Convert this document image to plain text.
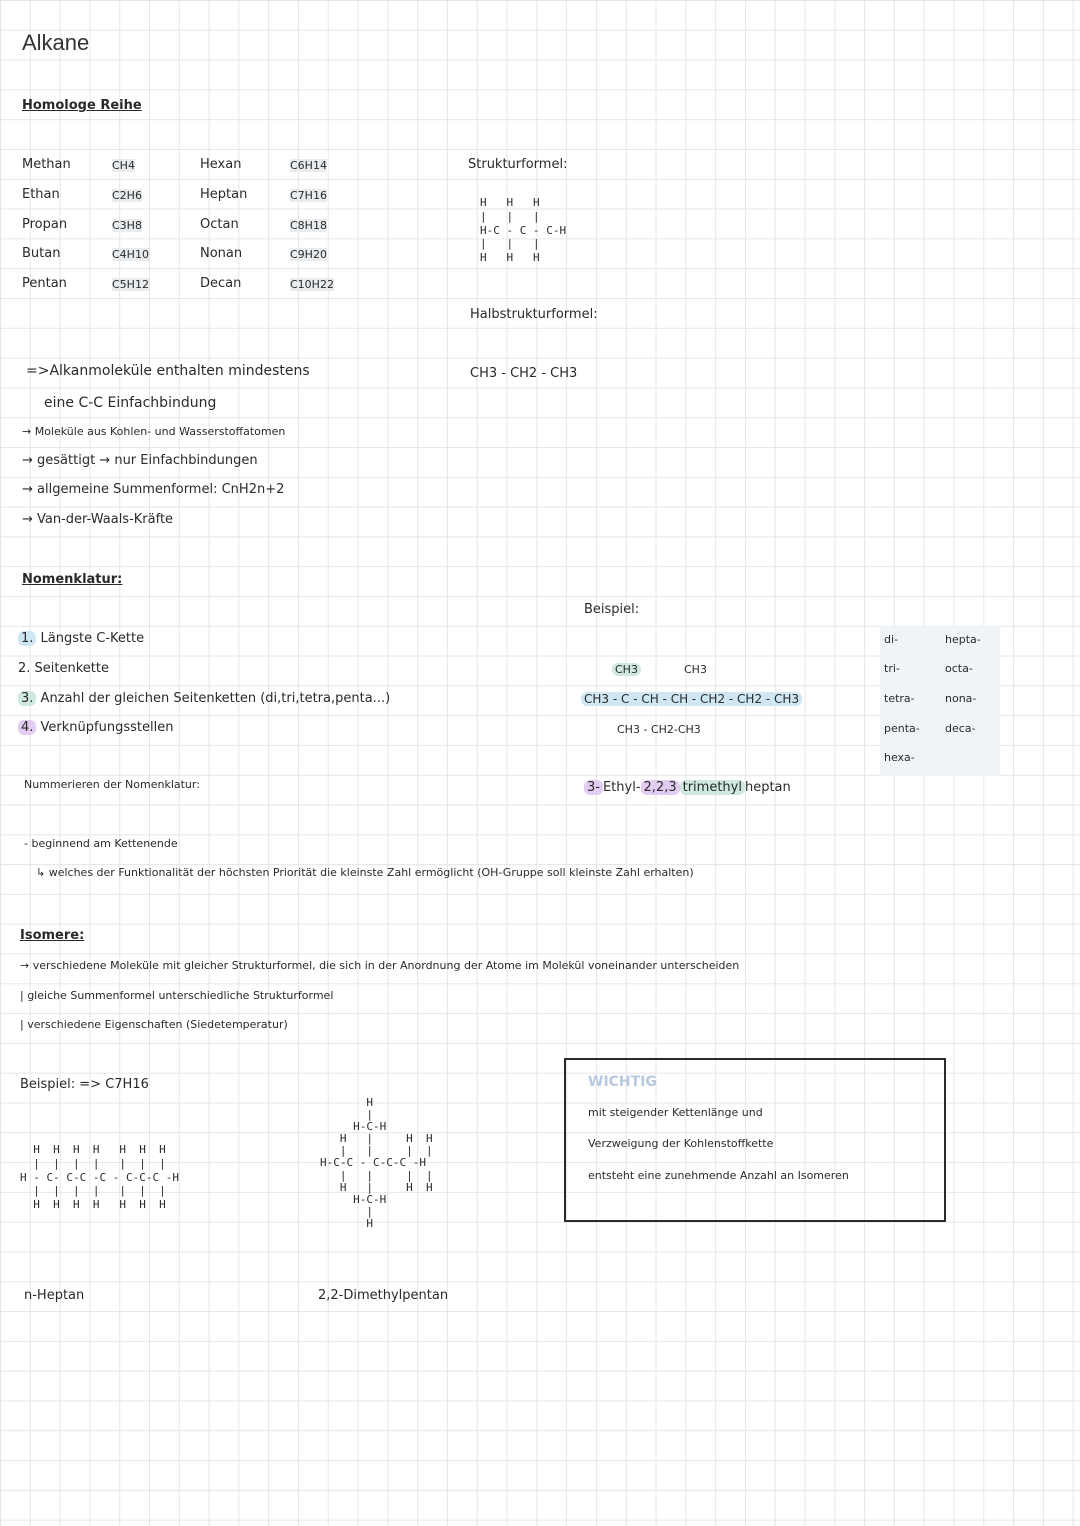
Alkane
Homologe Reihe
Methan
Ethan
Propan
Butan
Pentan
CH4
C2H6
C3H8
C4H10
C5H12
Hexan
Heptan
Octan
Nonan
Decan
C6H14
C7H16
C8H18
C9H20
C10H22
Strukturformel:
H   H   H
|   |   |
H-C - C - C-H
|   |   |
H   H   H
Halbstrukturformel:
CH3 - CH2 - CH3
=>Alkanmoleküle enthalten mindestens
eine C-C Einfachbindung
→ Moleküle aus Kohlen- und Wasserstoffatomen
→ gesättigt → nur Einfachbindungen
→ allgemeine Summenformel: CnH2n+2
→ Van-der-Waals-Kräfte
Nomenklatur:
1. Längste C-Kette
2. Seitenkette
3. Anzahl der gleichen Seitenketten (di,tri,tetra,penta...)
4. Verknüpfungsstellen
Beispiel:
CH3	CH3
CH3 - C - CH - CH - CH2 - CH2 - CH3
CH3 - CH2-CH3
3- Ethyl- 2,2,3 trimethyl heptan
di-
tri-
tetra-
penta-
hexa-
hepta-
octa-
nona-
deca-
Nummerieren der Nomenklatur:
- beginnend am Kettenende
↳ welches der Funktionalität der höchsten Priorität die kleinste Zahl ermöglicht (OH-Gruppe soll kleinste Zahl erhalten)
Isomere:
→ verschiedene Moleküle mit gleicher Strukturformel, die sich in der Anordnung der Atome im Molekül voneinander unterscheiden
| gleiche Summenformel unterschiedliche Strukturformel
| verschiedene Eigenschaften (Siedetemperatur)
Beispiel: => C7H16
H  H  H  H   H  H  H
|  |  |  |   |  |  |
H - C- C-C -C - C-C-C -H
|  |  |  |   |  |  |
H  H  H  H   H  H  H
n-Heptan
H
|
H-C-H
H   |     H  H
|   |     |  |
H-C-C - C-C-C -H
|   |     |  |
H   |     H  H
H-C-H
|
H
2,2-Dimethylpentan
WICHTIG
mit steigender Kettenlänge und
Verzweigung der Kohlenstoffkette
entsteht eine zunehmende Anzahl an Isomeren
